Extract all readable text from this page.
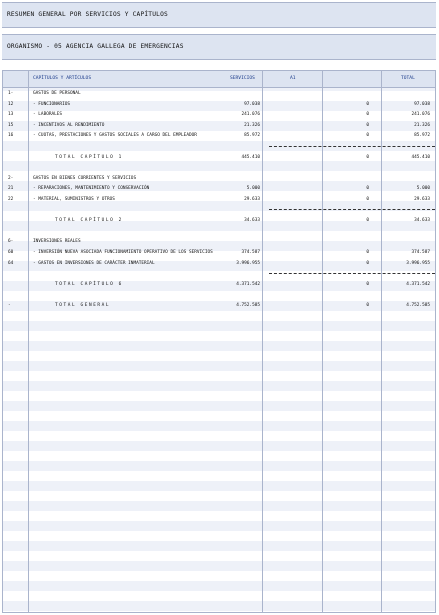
RESUMEN GENERAL POR SERVICIOS Y CAPÍTULOS
ORGANISMO - 05 AGENCIA GALLEGA DE EMERGENCIAS
CAPÍTULOS Y ARTÍCULOS	SERVICIOS	A1	TOTAL
1-	GASTOS DE PERSONAL
12	- FUNCIONARIOS	97.038	0	97.038
13	- LABORALES	241.076	0	241.076
15	- INCENTIVOS AL RENDIMIENTO	21.326	0	21.326
16	- CUOTAS, PRESTACIONES Y GASTOS SOCIALES A CARGO DEL EMPLEADOR	85.972	0	85.972
TOTAL CAPÍTULO 1	445.410	0	445.410
2-	GASTOS EN BIENES CORRIENTES Y SERVICIOS
21	- REPARACIONES, MANTENIMIENTO Y CONSERVACIÓN	5.000	0	5.000
22	- MATERIAL, SUMINISTROS Y OTROS	29.633	0	29.633
TOTAL CAPÍTULO 2	34.633	0	34.633
6-	INVERSIONES REALES
60	- INVERSIÓN NUEVA ASOCIADA FUNCIONAMIENTO OPERATIVO DE LOS SERVICIOS	374.587	0	374.587
64	- GASTOS EN INVERSIONES DE CARÁCTER INMATERIAL	3.996.955	0	3.996.955
TOTAL CAPÍTULO 6	4.371.542	0	4.371.542
-	TOTAL GENERAL	4.752.585	0	4.752.585
